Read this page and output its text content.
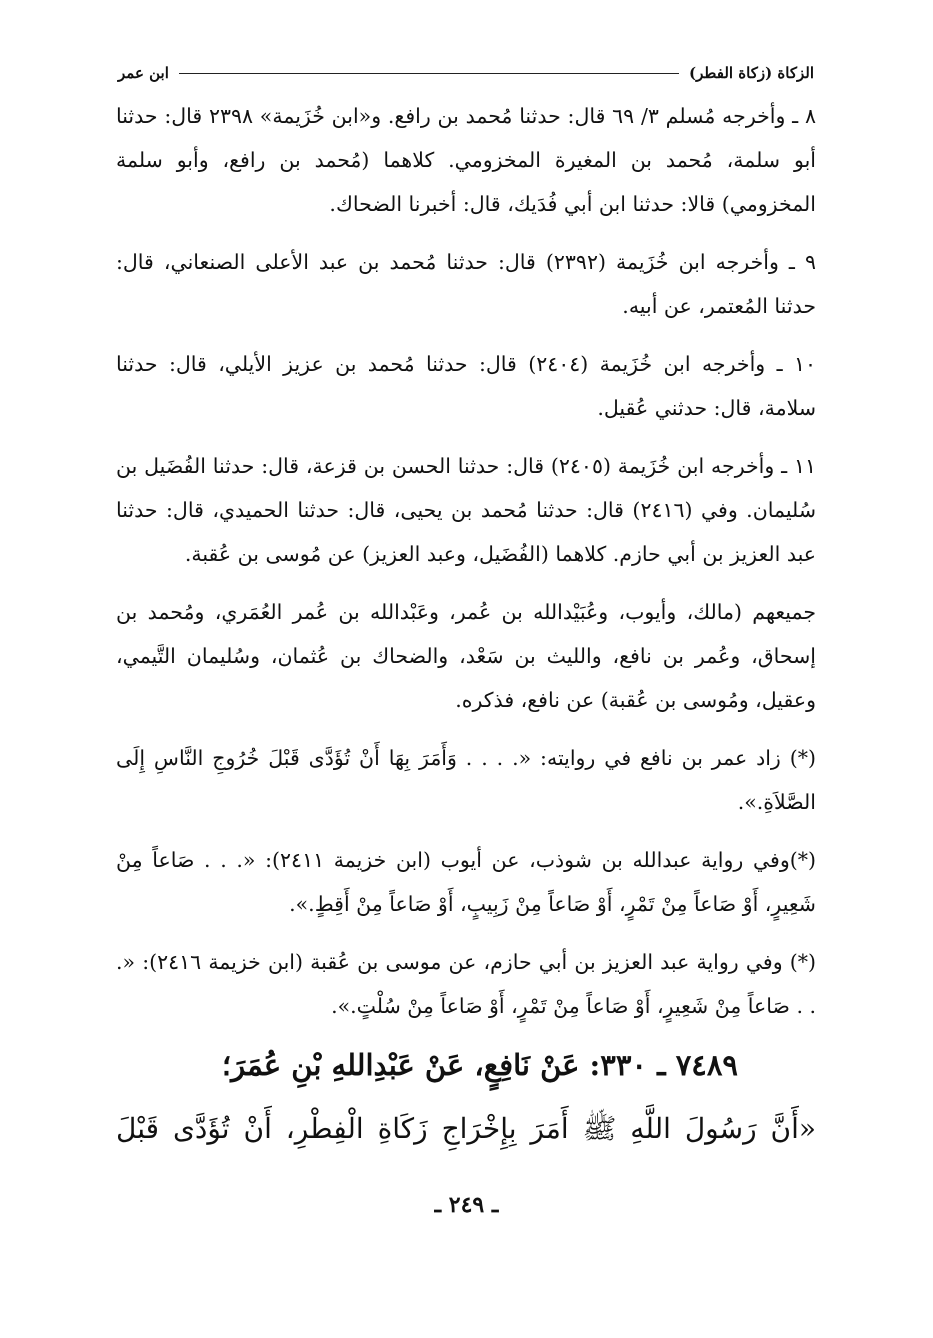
الزكاة (زكاة الفطر)
ابن عمر

٨ ـ وأخرجه مُسلم ٣/ ٦٩ قال: حدثنا مُحمد بن رافع. و«ابن خُزَيمة» ٢٣٩٨ قال: حدثنا أبو سلمة، مُحمد بن المغيرة المخزومي. كلاهما (مُحمد بن رافع، وأبو سلمة المخزومي) قالا: حدثنا ابن أبي فُدَيك، قال: أخبرنا الضحاك.

٩ ـ وأخرجه ابن خُزَيمة (٢٣٩٢) قال: حدثنا مُحمد بن عبد الأعلى الصنعاني، قال: حدثنا المُعتمر، عن أبيه.

١٠ ـ وأخرجه ابن خُزَيمة (٢٤٠٤) قال: حدثنا مُحمد بن عزيز الأيلي، قال: حدثنا سلامة، قال: حدثني عُقيل.

١١ ـ وأخرجه ابن خُزَيمة (٢٤٠٥) قال: حدثنا الحسن بن قزعة، قال: حدثنا الفُضَيل بن سُليمان. وفي (٢٤١٦) قال: حدثنا مُحمد بن يحيى، قال: حدثنا الحميدي، قال: حدثنا عبد العزيز بن أبي حازم. كلاهما (الفُضَيل، وعبد العزيز) عن مُوسى بن عُقبة.

جميعهم (مالك، وأيوب، وعُبَيْدالله بن عُمر، وعَبْدالله بن عُمر العُمَري، ومُحمد بن إسحاق، وعُمر بن نافع، والليث بن سَعْد، والضحاك بن عُثمان، وسُليمان التَّيمي، وعقيل، ومُوسى بن عُقبة) عن نافع، فذكره.

(*) زاد عمر بن نافع في روايته: «. . . . وَأَمَرَ بِهَا أَنْ تُؤَدَّى قَبْلَ خُرُوجِ النَّاسِ إِلَى الصَّلاَةِ.».

(*)وفي رواية عبدالله بن شوذب، عن أيوب (ابن خزيمة ٢٤١١): «. . . صَاعاً مِنْ شَعِيرٍ، أَوْ صَاعاً مِنْ تَمْرٍ، أَوْ صَاعاً مِنْ زَبِيبٍ، أَوْ صَاعاً مِنْ أَقِطٍ.».

(*) وفي رواية عبد العزيز بن أبي حازم، عن موسى بن عُقبة (ابن خزيمة ٢٤١٦): «. . . صَاعاً مِنْ شَعِيرٍ، أَوْ صَاعاً مِنْ تَمْرٍ، أَوْ صَاعاً مِنْ سُلْتٍ.».

٧٤٨٩ ـ ٣٣٠: عَنْ نَافِعٍ، عَنْ عَبْدِاللهِ بْنِ عُمَرَ؛
«أَنَّ رَسُولَ اللَّهِ ﷺ أَمَرَ بِإِخْرَاجِ زَكَاةِ الْفِطْرِ، أَنْ تُؤَدَّى قَبْلَ
ـ ٢٤٩ ـ
